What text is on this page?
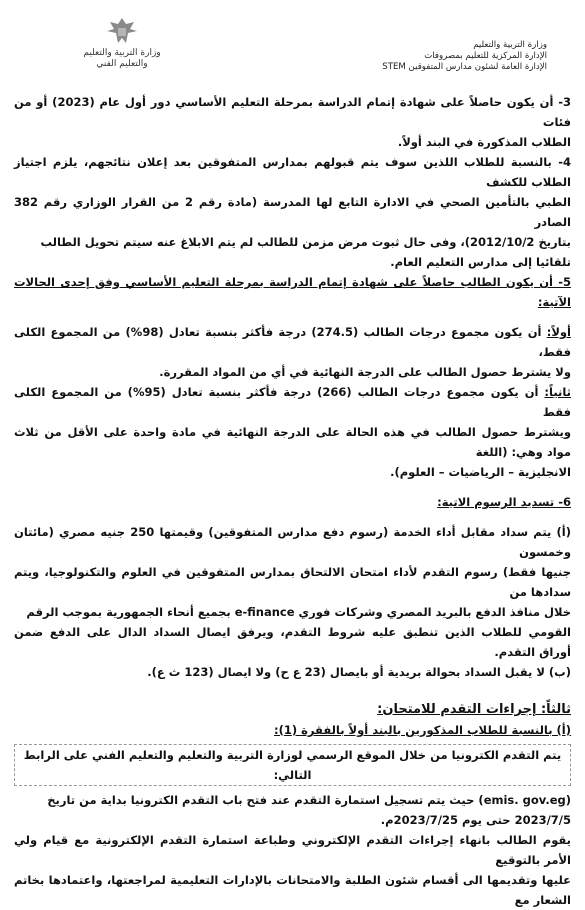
وزارة التربية والتعليم
والتعليم الفني
وزارة التربية والتعليم
الإدارة المركزية للتعليم بمصروفات
الإدارة العامة لشئون مدارس المتفوقين STEM

3- أن يكون حاصلاً على شهادة إتمام الدراسة بمرحلة التعليم الأساسي دور أول عام (2023) أو من فئات
الطلاب المذكورة في البند أولاً.

4- بالنسبة للطلاب اللذين سوف يتم قبولهم بمدارس المتفوقين بعد إعلان نتائجهم، يلزم اجتياز الطلاب للكشف
الطبي بالتأمين الصحي في الادارة التابع لها المدرسة (مادة رقم 2 من القرار الوزاري رقم 382 الصادر
بتاريخ 2012/10/2)، وفى حال ثبوت مرض مزمن للطالب لم يتم الابلاغ عنه سيتم تحويل الطالب
تلقائيا إلى مدارس التعليم العام.

5- أن يكون الطالب حاصلاً على شهادة إتمام الدراسة بمرحلة التعليم الأساسي وفق إحدى الحالات الآتية:

أولاً: أن يكون مجموع درجات الطالب (274.5) درجة فأكثر بنسبة تعادل (98%) من المجموع الكلى فقط،
ولا يشترط حصول الطالب على الدرجة النهائية في أي من المواد المقررة.

ثانياً: أن يكون مجموع درجات الطالب (266) درجة فأكثر بنسبة تعادل (95%) من المجموع الكلى فقط
ويشترط حصول الطالب في هذه الحالة على الدرجة النهائية في مادة واحدة على الأقل من ثلاث مواد وهي: (اللغة
الانجليزية – الرياضيات – العلوم).

6- تسديد الرسوم الاتية:

(أ) يتم سداد مقابل أداء الخدمة (رسوم دفع مدارس المتفوقين) وقيمتها 250 جنيه مصري (مائتان وخمسون
جنيها فقط) رسوم التقدم لأداء امتحان الالتحاق بمدارس المتفوقين في العلوم والتكنولوجيا، ويتم سدادها من
خلال منافذ الدفع بالبريد المصري وشركات فوري e-finance بجميع أنحاء الجمهورية بموجب الرقم
القومي للطلاب الذين تنطبق عليه شروط التقدم، ويرفق ايصال السداد الدال على الدفع ضمن أوراق التقدم.

(ب) لا يقبل السداد بحوالة بريدية أو بايصال (23 ع ح) ولا ايصال (123 ث ع).

ثالثاً: إجراءات التقدم للامتحان:

(أ) بالنسبة للطلاب المذكورين بالبند أولاً بالفقرة (1):

يتم التقدم الكترونيا من خلال الموقع الرسمي لوزارة التربية والتعليم والتعليم الفني على الرابط التالي:

(emis. gov.eg) حيث يتم تسجيل استمارة التقدم عند فتح باب التقدم الكترونيا بداية من تاريخ
2023/7/5 حتى يوم 2023/7/25م.

يقوم الطالب بانهاء إجراءات التقدم الإلكتروني وطباعة استمارة التقدم الإلكترونية مع قيام ولي الأمر بالتوقيع
عليها وتقديمها الى أقسام شئون الطلبة والامتحانات بالإدارات التعليمية لمراجعتها، واعتمادها بخاتم الشعار مع
